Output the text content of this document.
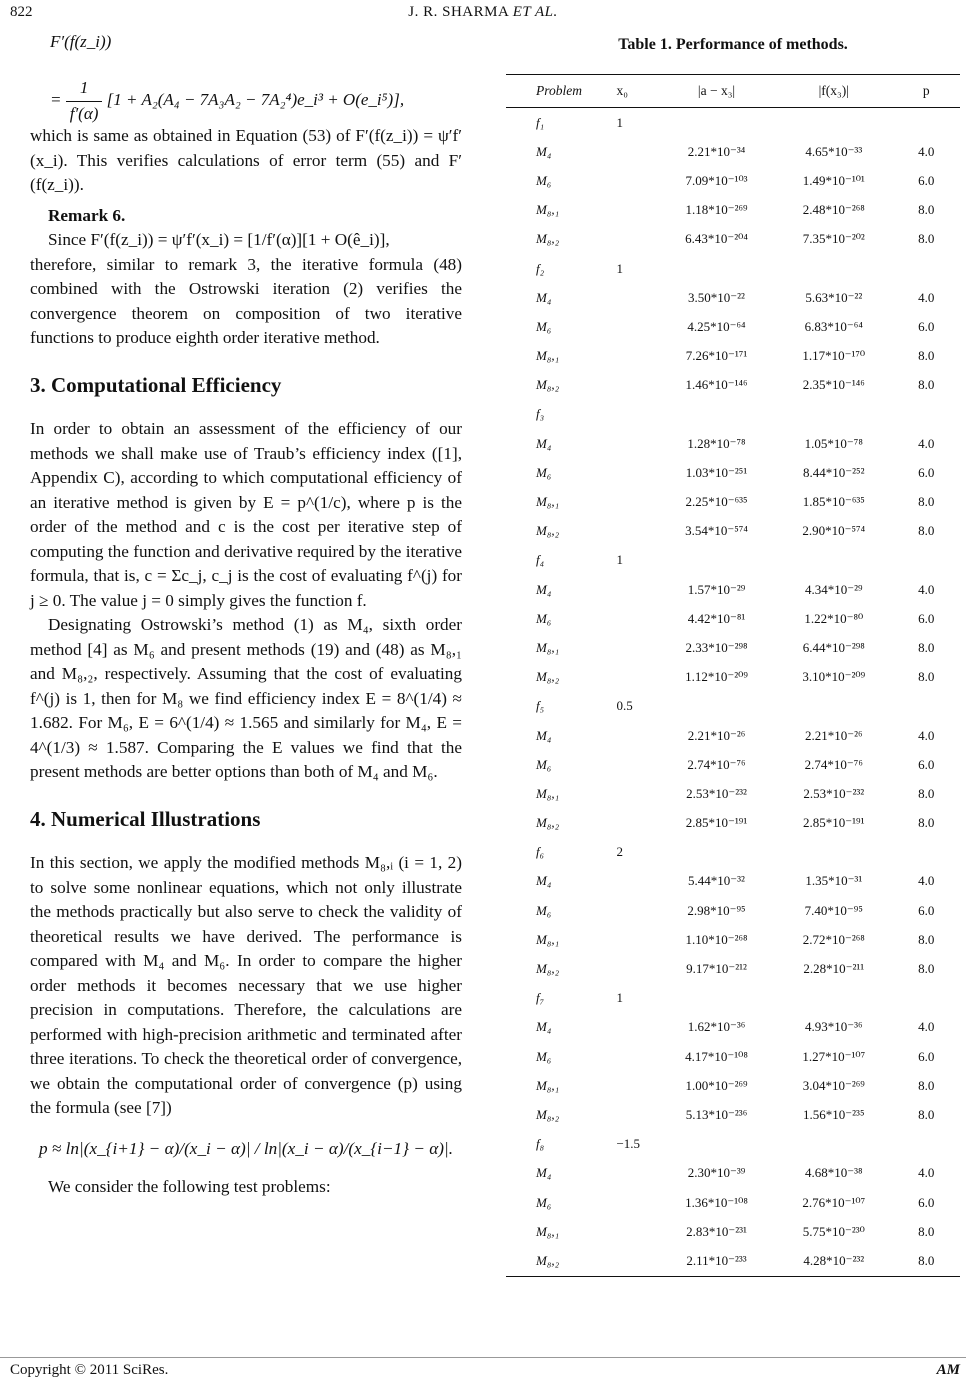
822	J. R. SHARMA ET AL.
F′(f(z_i))
= $\frac{1}{f'(\alpha)} [1 + A_2(A_4 - 7A_3A_2$ − 7A₂⁴)e_i³ + O(e_i⁵)],

which is same as obtained in Equation (53) of F′(f(z_i)) = ψ′f′(x_i). This verifies calculations of error term (55) and F′(f(z_i)).

Remark 6.

Since F′(f(z_i)) = ψ′f′(x_i) = [1/f′(α)][1 + O(ê_i)],

therefore, similar to remark 3, the iterative formula (48) combined with the Ostrowski iteration (2) verifies the convergence theorem on composition of two iterative functions to produce eighth order iterative method.

3. Computational Efficiency

In order to obtain an assessment of the efficiency of our methods we shall make use of Traub’s efficiency index ([1], Appendix C), according to which computational efficiency of an iterative method is given by E = p^(1/c), where p is the order of the method and c is the cost per iterative step of computing the function and derivative required by the iterative formula, that is, c = Σc_j, c_j is the cost of evaluating f^(j) for j ≥ 0. The value j = 0 simply gives the function f.

Designating Ostrowski’s method (1) as M₄, sixth order method [4] as M₆ and present methods (19) and (48) as M₈,₁ and M₈,₂, respectively. Assuming that the cost of evaluating f^(j) is 1, then for M₈ we find efficiency index E = 8^(1/4) ≈ 1.682. For M₆, E = 6^(1/4) ≈ 1.565 and similarly for M₄, E = 4^(1/3) ≈ 1.587. Comparing the E values we find that the present methods are better options than both of M₄ and M₆.

4. Numerical Illustrations

In this section, we apply the modified methods M₈,ᵢ (i = 1, 2) to solve some nonlinear equations, which not only illustrate the methods practically but also serve to check the validity of theoretical results we have derived. The performance is compared with M₄ and M₆. In order to compare the higher order methods it becomes necessary that we use higher precision in computations. Therefore, the calculations are performed with high-precision arithmetic and terminated after three iterations. To check the theoretical order of convergence, we obtain the computational order of convergence (p) using the formula (see [7])

p ≈ ln|(x_{i+1} − α)/(x_i − α)| / ln|(x_i − α)/(x_{i−1} − α)|.

We consider the following test problems:

Table 1. Performance of methods.
Problem	x₀	|a − x₃|	|f(x₃)|	p
f₁	1			
M₄		2.21*10⁻³⁴	4.65*10⁻³³	4.0
M₆		7.09*10⁻¹⁰³	1.49*10⁻¹⁰¹	6.0
M₈,₁		1.18*10⁻²⁶⁹	2.48*10⁻²⁶⁸	8.0
M₈,₂		6.43*10⁻²⁰⁴	7.35*10⁻²⁰²	8.0
f₂	1			
M₄		3.50*10⁻²²	5.63*10⁻²²	4.0
M₆		4.25*10⁻⁶⁴	6.83*10⁻⁶⁴	6.0
M₈,₁		7.26*10⁻¹⁷¹	1.17*10⁻¹⁷⁰	8.0
M₈,₂		1.46*10⁻¹⁴⁶	2.35*10⁻¹⁴⁶	8.0
f₃				
M₄		1.28*10⁻⁷⁸	1.05*10⁻⁷⁸	4.0
M₆		1.03*10⁻²⁵¹	8.44*10⁻²⁵²	6.0
M₈,₁		2.25*10⁻⁶³⁵	1.85*10⁻⁶³⁵	8.0
M₈,₂		3.54*10⁻⁵⁷⁴	2.90*10⁻⁵⁷⁴	8.0
f₄	1			
M₄		1.57*10⁻²⁹	4.34*10⁻²⁹	4.0
M₆		4.42*10⁻⁸¹	1.22*10⁻⁸⁰	6.0
M₈,₁		2.33*10⁻²⁹⁸	6.44*10⁻²⁹⁸	8.0
M₈,₂		1.12*10⁻²⁰⁹	3.10*10⁻²⁰⁹	8.0
f₅	0.5			
M₄		2.21*10⁻²⁶	2.21*10⁻²⁶	4.0
M₆		2.74*10⁻⁷⁶	2.74*10⁻⁷⁶	6.0
M₈,₁		2.53*10⁻²³²	2.53*10⁻²³²	8.0
M₈,₂		2.85*10⁻¹⁹¹	2.85*10⁻¹⁹¹	8.0
f₆	2			
M₄		5.44*10⁻³²	1.35*10⁻³¹	4.0
M₆		2.98*10⁻⁹⁵	7.40*10⁻⁹⁵	6.0
M₈,₁		1.10*10⁻²⁶⁸	2.72*10⁻²⁶⁸	8.0
M₈,₂		9.17*10⁻²¹²	2.28*10⁻²¹¹	8.0
f₇	1			
M₄		1.62*10⁻³⁶	4.93*10⁻³⁶	4.0
M₆		4.17*10⁻¹⁰⁸	1.27*10⁻¹⁰⁷	6.0
M₈,₁		1.00*10⁻²⁶⁹	3.04*10⁻²⁶⁹	8.0
M₈,₂		5.13*10⁻²³⁶	1.56*10⁻²³⁵	8.0
f₈	−1.5			
M₄		2.30*10⁻³⁹	4.68*10⁻³⁸	4.0
M₆		1.36*10⁻¹⁰⁸	2.76*10⁻¹⁰⁷	6.0
M₈,₁		2.83*10⁻²³¹	5.75*10⁻²³⁰	8.0
M₈,₂		2.11*10⁻²³³	4.28*10⁻²³²	8.0
Copyright © 2011 SciRes.	AM
